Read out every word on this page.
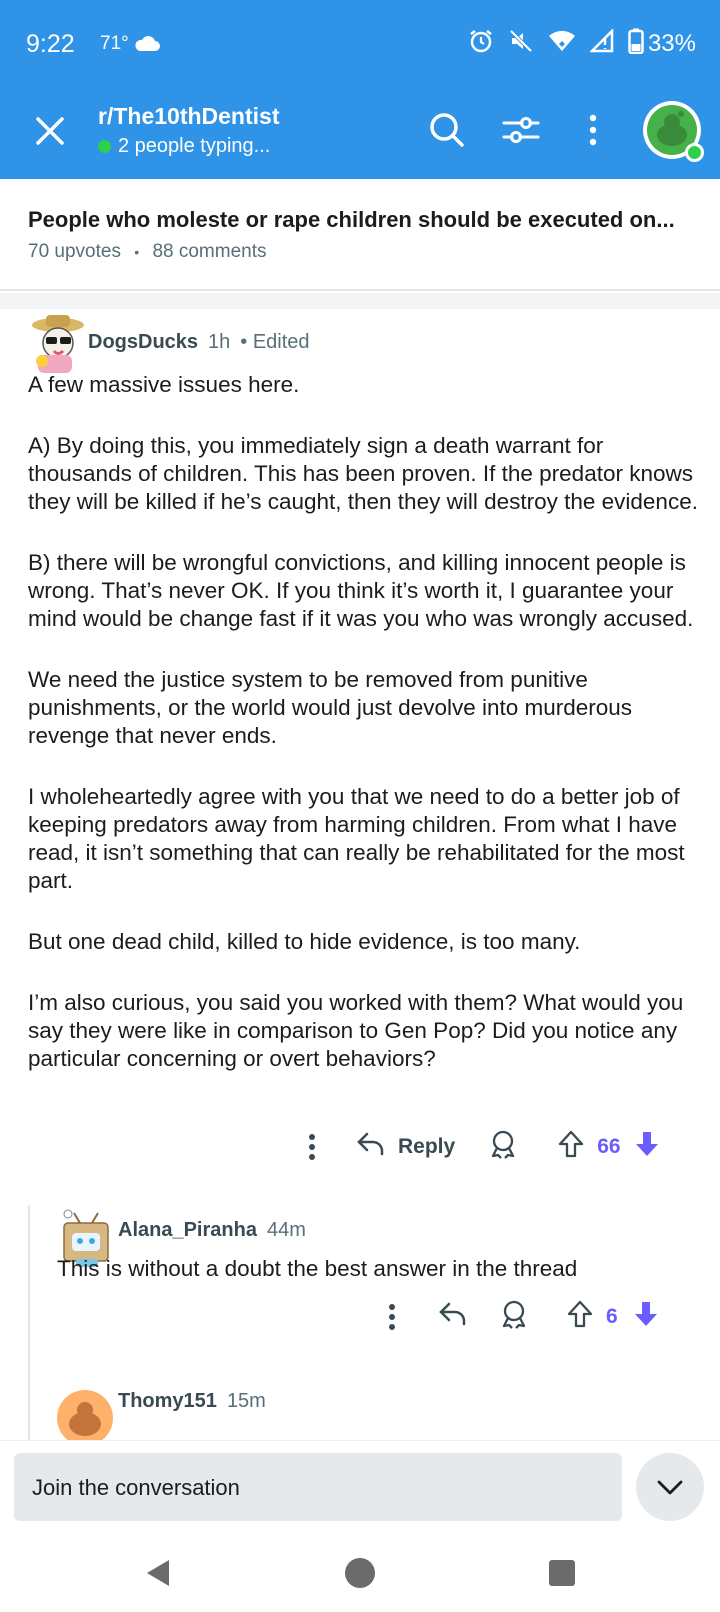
9:22 71°	33%
r/The10thDentist
2 people typing...
People who moleste or rape children should be executed on...
70 upvotes • 88 comments
DogsDucks 1h • Edited

A few massive issues here.

A) By doing this, you immediately sign a death warrant for thousands of children. This has been proven. If the predator knows they will be killed if he’s caught, then they will destroy the evidence.

B) there will be wrongful convictions, and killing innocent people is wrong. That’s never OK. If you think it’s worth it, I guarantee your mind would be change fast if it was you who was wrongly accused.

We need the justice system to be removed from punitive punishments, or the world would just devolve into murderous revenge that never ends.

I wholeheartedly agree with you that we need to do a better job of keeping predators away from harming children. From what I have read, it isn’t something that can really be rehabilitated for the most part.

But one dead child, killed to hide evidence, is too many.

I’m also curious, you said you worked with them? What would you say they were like in comparison to Gen Pop? Did you notice any particular concerning or overt behaviors?

Reply	66
Alana_Piranha 44m

This is without a doubt the best answer in the thread

6
Thomy151 15m
Join the conversation
